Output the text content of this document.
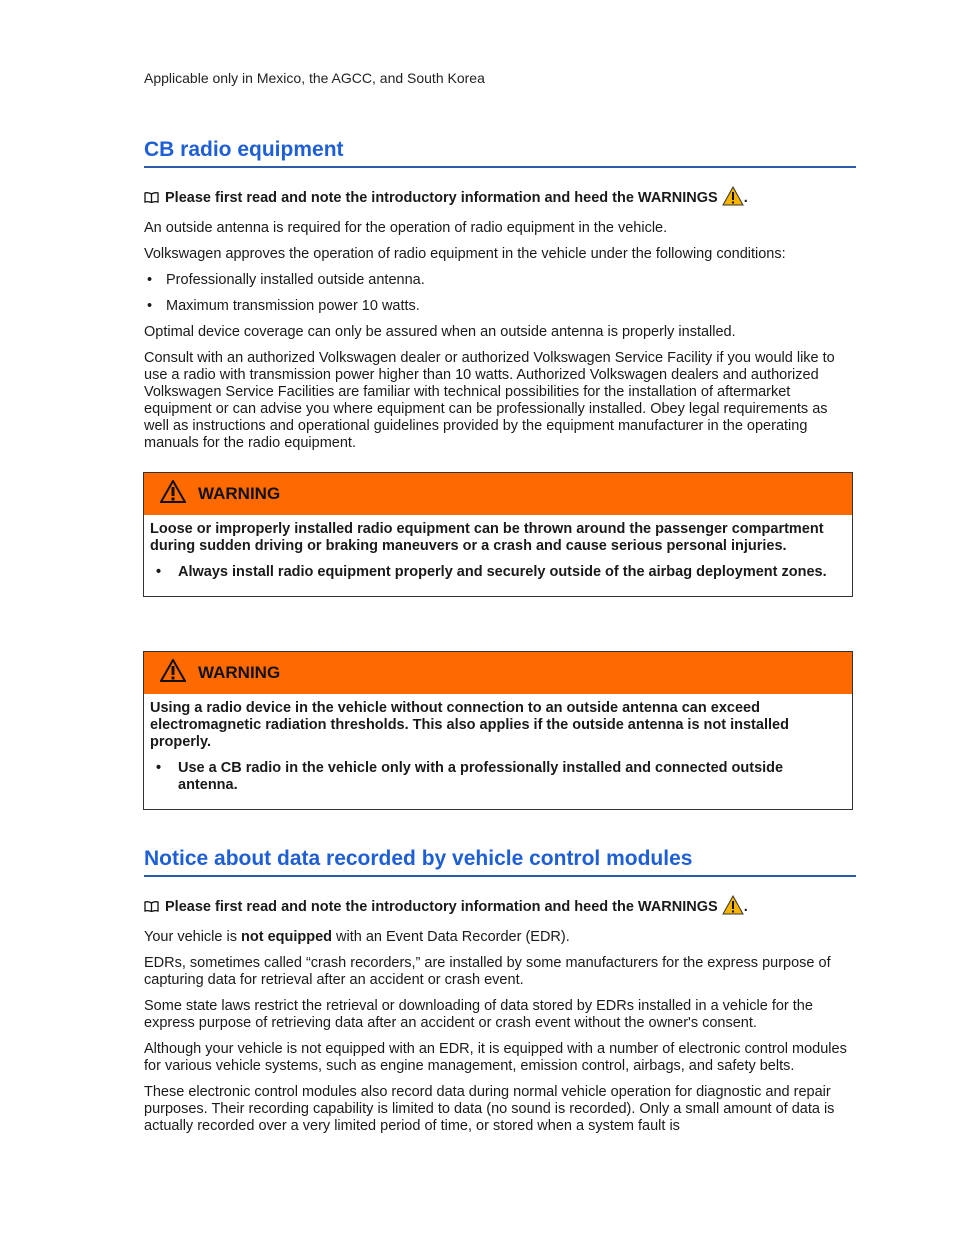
Applicable only in Mexico, the AGCC, and South Korea
CB radio equipment
Please first read and note the introductory information and heed the WARNINGS .

An outside antenna is required for the operation of radio equipment in the vehicle.

Volkswagen approves the operation of radio equipment in the vehicle under the following conditions:

• Professionally installed outside antenna.
• Maximum transmission power 10 watts.

Optimal device coverage can only be assured when an outside antenna is properly installed.

Consult with an authorized Volkswagen dealer or authorized Volkswagen Service Facility if you would like to use a radio with transmission power higher than 10 watts. Authorized Volkswagen dealers and authorized Volkswagen Service Facilities are familiar with technical possibilities for the installation of aftermarket equipment or can advise you where equipment can be professionally installed. Obey legal requirements as well as instructions and operational guidelines provided by the equipment manufacturer in the operating manuals for the radio equipment.

WARNING

Loose or improperly installed radio equipment can be thrown around the passenger compartment during sudden driving or braking maneuvers or a crash and cause serious personal injuries.

• Always install radio equipment properly and securely outside of the airbag deployment zones.
WARNING

Using a radio device in the vehicle without connection to an outside antenna can exceed electromagnetic radiation thresholds. This also applies if the outside antenna is not installed properly.

• Use a CB radio in the vehicle only with a professionally installed and connected outside antenna.
Notice about data recorded by vehicle control modules
Please first read and note the introductory information and heed the WARNINGS .

Your vehicle is not equipped with an Event Data Recorder (EDR).

EDRs, sometimes called “crash recorders,” are installed by some manufacturers for the express purpose of capturing data for retrieval after an accident or crash event.

Some state laws restrict the retrieval or downloading of data stored by EDRs installed in a vehicle for the express purpose of retrieving data after an accident or crash event without the owner's consent.

Although your vehicle is not equipped with an EDR, it is equipped with a number of electronic control modules for various vehicle systems, such as engine management, emission control, airbags, and safety belts.

These electronic control modules also record data during normal vehicle operation for diagnostic and repair purposes. Their recording capability is limited to data (no sound is recorded). Only a small amount of data is actually recorded over a very limited period of time, or stored when a system fault is
